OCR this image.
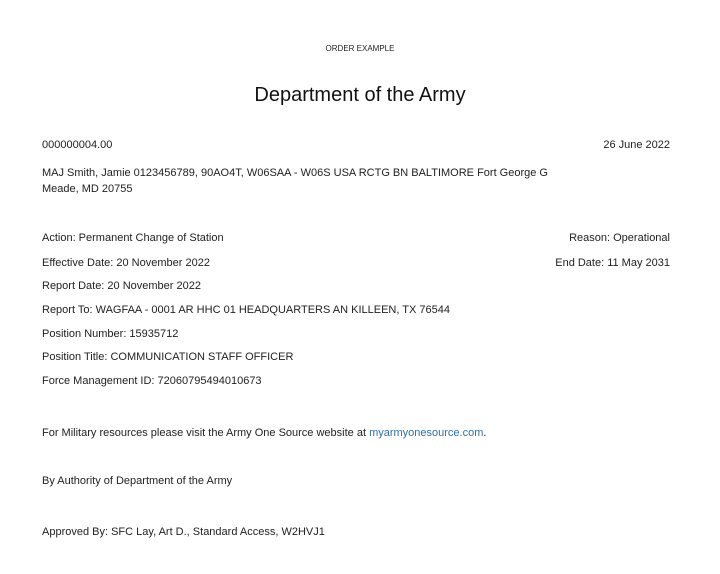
ORDER EXAMPLE
Department of the Army
000000004.00	26 June 2022
MAJ Smith, Jamie 0123456789, 90AO4T, W06SAA - W06S USA RCTG BN BALTIMORE Fort George G
Meade, MD 20755
Action: Permanent Change of Station	Reason: Operational
Effective Date: 20 November 2022	End Date: 11 May 2031
Report Date: 20 November 2022
Report To: WAGFAA - 0001 AR HHC 01 HEADQUARTERS AN KILLEEN, TX 76544
Position Number: 15935712
Position Title: COMMUNICATION STAFF OFFICER
Force Management ID: 72060795494010673
For Military resources please visit the Army One Source website at myarmyonesource.com.
By Authority of Department of the Army
Approved By: SFC Lay, Art D., Standard Access, W2HVJ1
